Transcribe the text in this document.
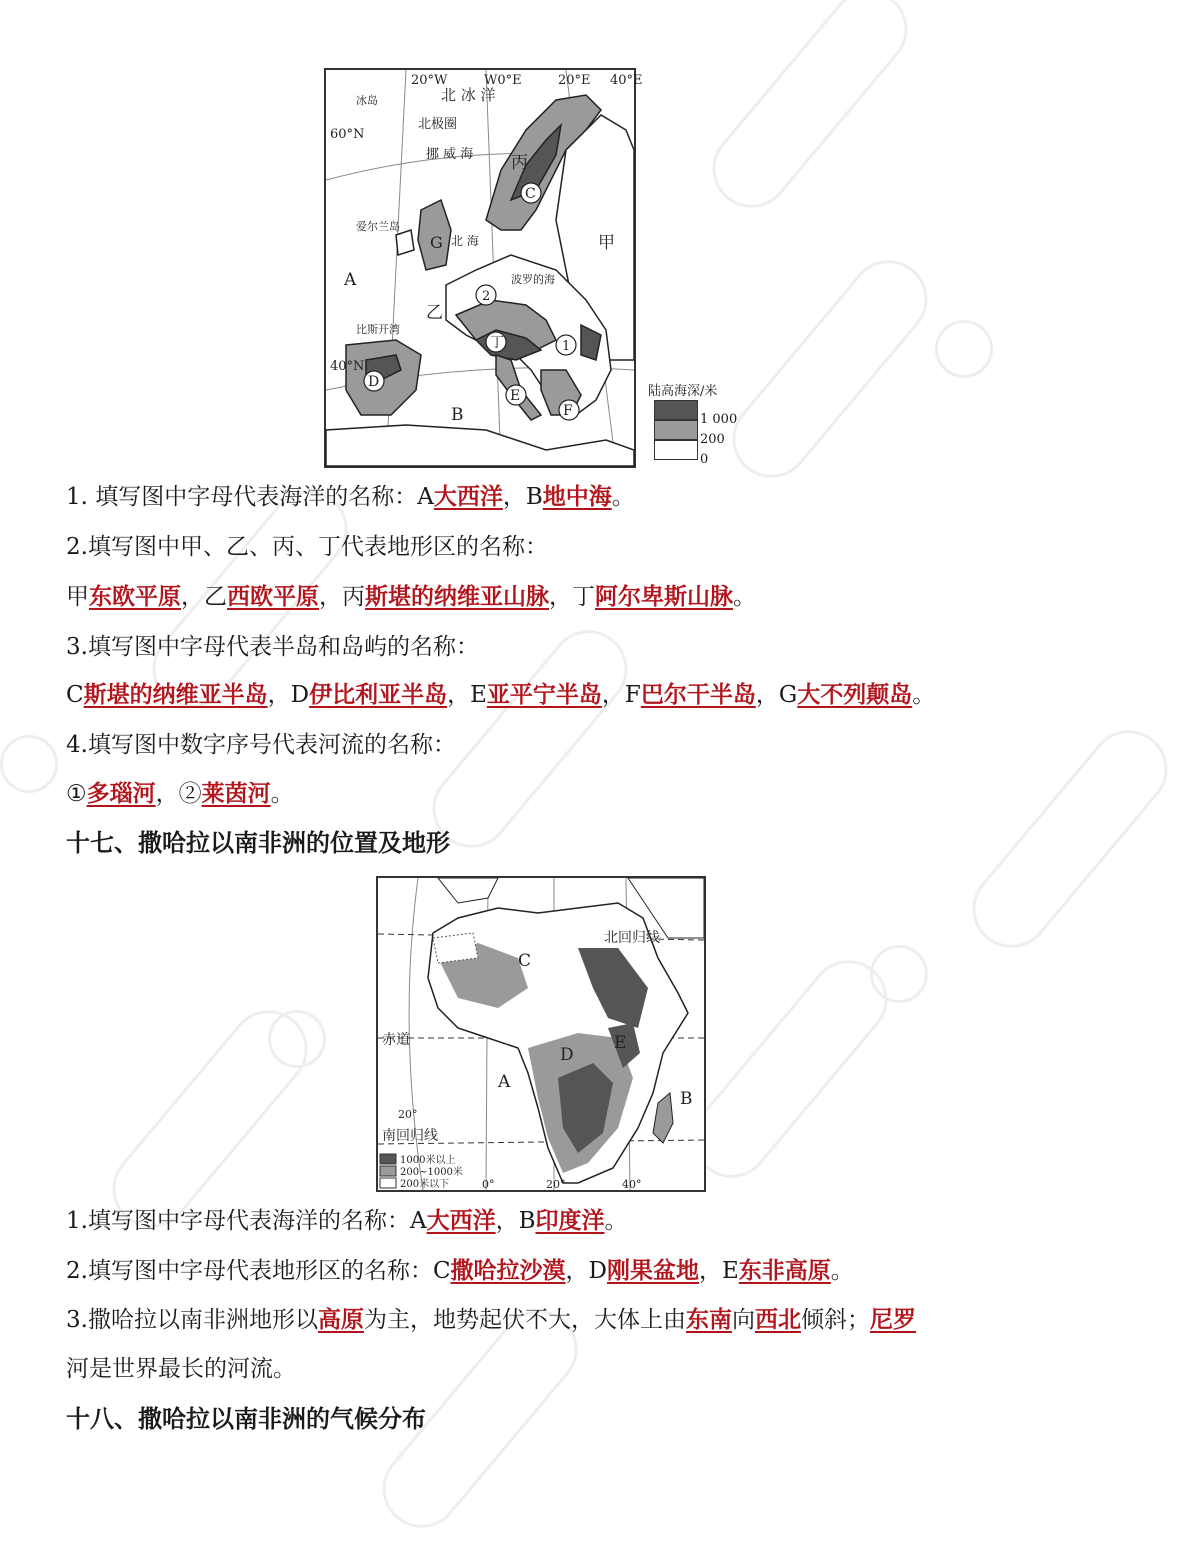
20°W	W0°E	20°E 40°E
60°N
40°N
北 冰 洋
北极圈
挪 威 海
冰岛
爱尔兰岛
比斯开湾
北 海
波罗的海
A
B
C
D
E
F
G	甲
乙
丙
丁	1
2
陆高海深/米
1 000
200
0
1. 填写图中字母代表海洋的名称：A大西洋，B地中海。
2.填写图中甲、乙、丙、丁代表地形区的名称：
甲东欧平原，乙西欧平原，丙斯堪的纳维亚山脉，丁阿尔卑斯山脉。
3.填写图中字母代表半岛和岛屿的名称：
C斯堪的纳维亚半岛，D伊比利亚半岛，E亚平宁半岛，F巴尔干半岛，G大不列颠岛。
4.填写图中数字序号代表河流的名称：
①多瑙河，②莱茵河。
十七、撒哈拉以南非洲的位置及地形
北回归线
赤道
南回归线
20°
0°	20°	40°
A
B
C
D
E
1000米以上
200~1000米
200米以下
1.填写图中字母代表海洋的名称：A大西洋，B印度洋。
2.填写图中字母代表地形区的名称：C撒哈拉沙漠，D刚果盆地，E东非高原。
3.撒哈拉以南非洲地形以高原为主，地势起伏不大，大体上由东南向西北倾斜；尼罗
河是世界最长的河流。
十八、撒哈拉以南非洲的气候分布
